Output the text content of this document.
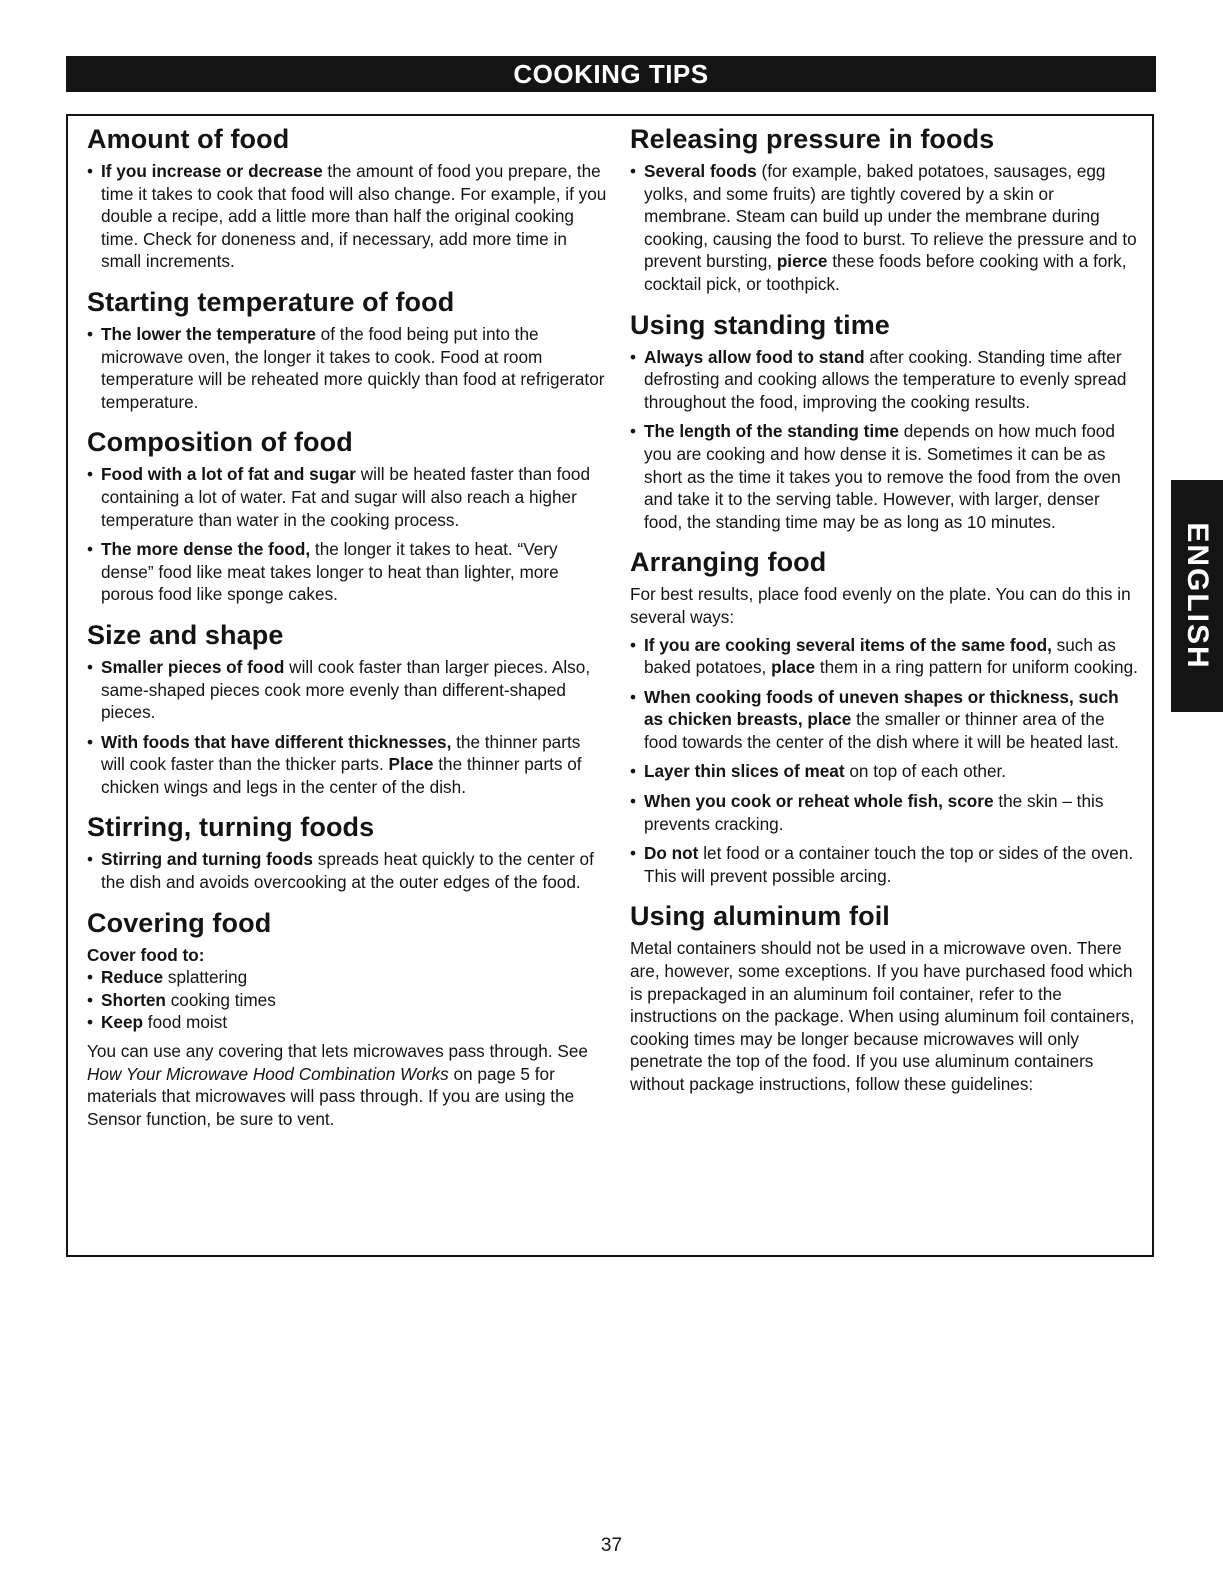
COOKING TIPS
Amount of food
• If you increase or decrease the amount of food you prepare, the time it takes to cook that food will also change. For example, if you double a recipe, add a little more than half the original cooking time. Check for doneness and, if necessary, add more time in small increments.
Starting temperature of food
• The lower the temperature of the food being put into the microwave oven, the longer it takes to cook. Food at room temperature will be reheated more quickly than food at refrigerator temperature.
Composition of food
• Food with a lot of fat and sugar will be heated faster than food containing a lot of water. Fat and sugar will also reach a higher temperature than water in the cooking process.
• The more dense the food, the longer it takes to heat. “Very dense” food like meat takes longer to heat than lighter, more porous food like sponge cakes.
Size and shape
• Smaller pieces of food will cook faster than larger pieces. Also, same-shaped pieces cook more evenly than different-shaped pieces.
• With foods that have different thicknesses, the thinner parts will cook faster than the thicker parts. Place the thinner parts of chicken wings and legs in the center of the dish.
Stirring, turning foods
• Stirring and turning foods spreads heat quickly to the center of the dish and avoids overcooking at the outer edges of the food.
Covering food

Cover food to:

• Reduce splattering
• Shorten cooking times
• Keep food moist

You can use any covering that lets microwaves pass through. See How Your Microwave Hood Combination Works on page 5 for materials that microwaves will pass through. If you are using the Sensor function, be sure to vent.

Releasing pressure in foods
• Several foods (for example, baked potatoes, sausages, egg yolks, and some fruits) are tightly covered by a skin or membrane. Steam can build up under the membrane during cooking, causing the food to burst. To relieve the pressure and to prevent bursting, pierce these foods before cooking with a fork, cocktail pick, or toothpick.
Using standing time
• Always allow food to stand after cooking. Standing time after defrosting and cooking allows the temperature to evenly spread throughout the food, improving the cooking results.
• The length of the standing time depends on how much food you are cooking and how dense it is. Sometimes it can be as short as the time it takes you to remove the food from the oven and take it to the serving table. However, with larger, denser food, the standing time may be as long as 10 minutes.
Arranging food

For best results, place food evenly on the plate. You can do this in several ways:

• If you are cooking several items of the same food, such as baked potatoes, place them in a ring pattern for uniform cooking.
• When cooking foods of uneven shapes or thickness, such as chicken breasts, place the smaller or thinner area of the food towards the center of the dish where it will be heated last.
• Layer thin slices of meat on top of each other.
• When you cook or reheat whole fish, score the skin – this prevents cracking.
• Do not let food or a container touch the top or sides of the oven. This will prevent possible arcing.
Using aluminum foil

Metal containers should not be used in a microwave oven. There are, however, some exceptions. If you have purchased food which is prepackaged in an aluminum foil container, refer to the instructions on the package. When using aluminum foil containers, cooking times may be longer because microwaves will only penetrate the top of the food. If you use aluminum containers without package instructions, follow these guidelines:

ENGLISH
37
